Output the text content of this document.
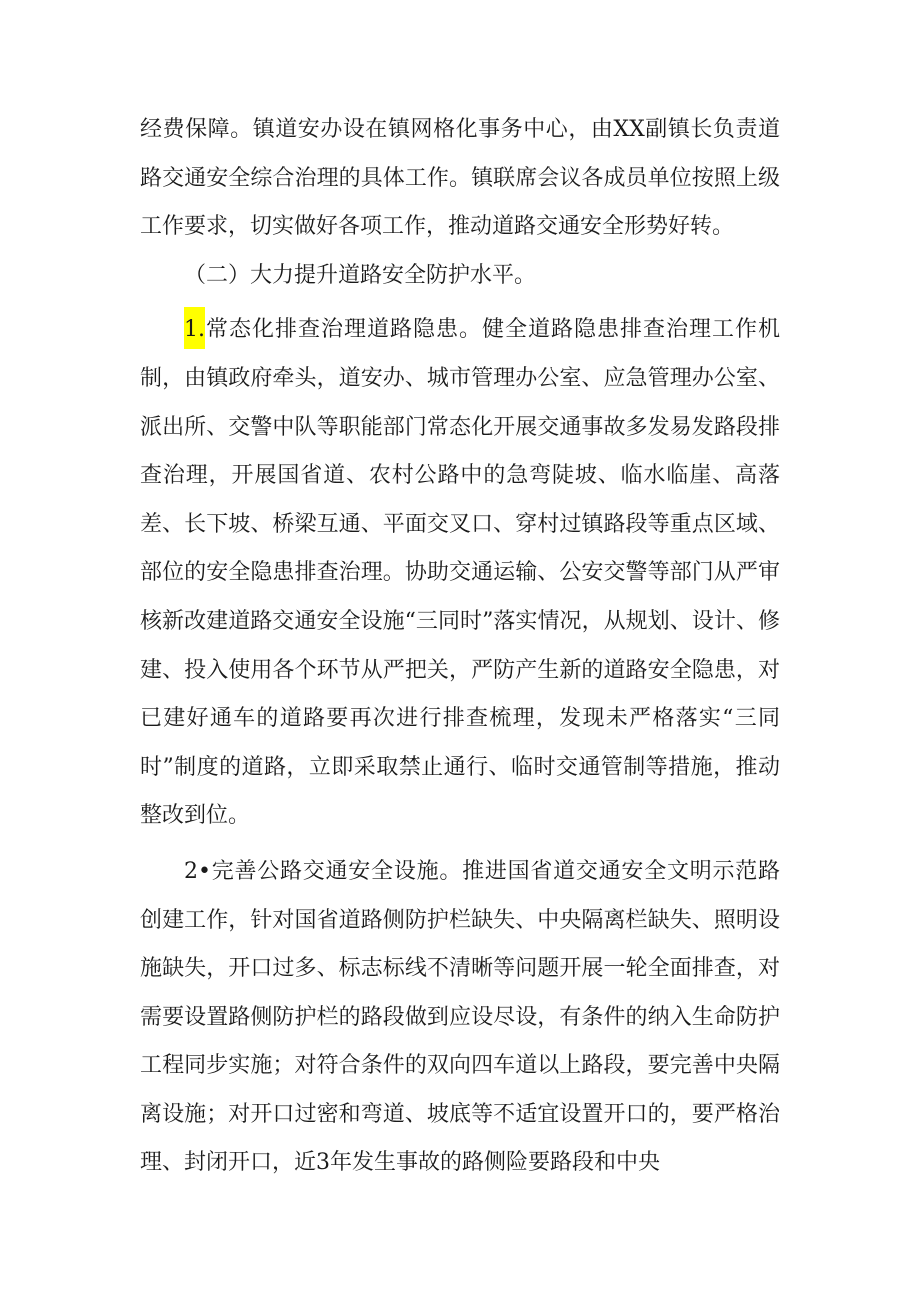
经费保障。镇道安办设在镇网格化事务中心，由XX副镇长负责道路交通安全综合治理的具体工作。镇联席会议各成员单位按照上级工作要求，切实做好各项工作，推动道路交通安全形势好转。

（二）大力提升道路安全防护水平。

1.常态化排查治理道路隐患。健全道路隐患排查治理工作机制，由镇政府牵头，道安办、城市管理办公室、应急管理办公室、派出所、交警中队等职能部门常态化开展交通事故多发易发路段排查治理，开展国省道、农村公路中的急弯陡坡、临水临崖、高落差、长下坡、桥梁互通、平面交叉口、穿村过镇路段等重点区域、部位的安全隐患排查治理。协助交通运输、公安交警等部门从严审核新改建道路交通安全设施“三同时”落实情况，从规划、设计、修建、投入使用各个环节从严把关，严防产生新的道路安全隐患，对已建好通车的道路要再次进行排查梳理，发现未严格落实“三同时”制度的道路，立即采取禁止通行、临时交通管制等措施，推动整改到位。

2•完善公路交通安全设施。推进国省道交通安全文明示范路创建工作，针对国省道路侧防护栏缺失、中央隔离栏缺失、照明设施缺失，开口过多、标志标线不清晰等问题开展一轮全面排查，对需要设置路侧防护栏的路段做到应设尽设，有条件的纳入生命防护工程同步实施；对符合条件的双向四车道以上路段，要完善中央隔离设施；对开口过密和弯道、坡底等不适宜设置开口的，要严格治理、封闭开口，近3年发生事故的路侧险要路段和中央
